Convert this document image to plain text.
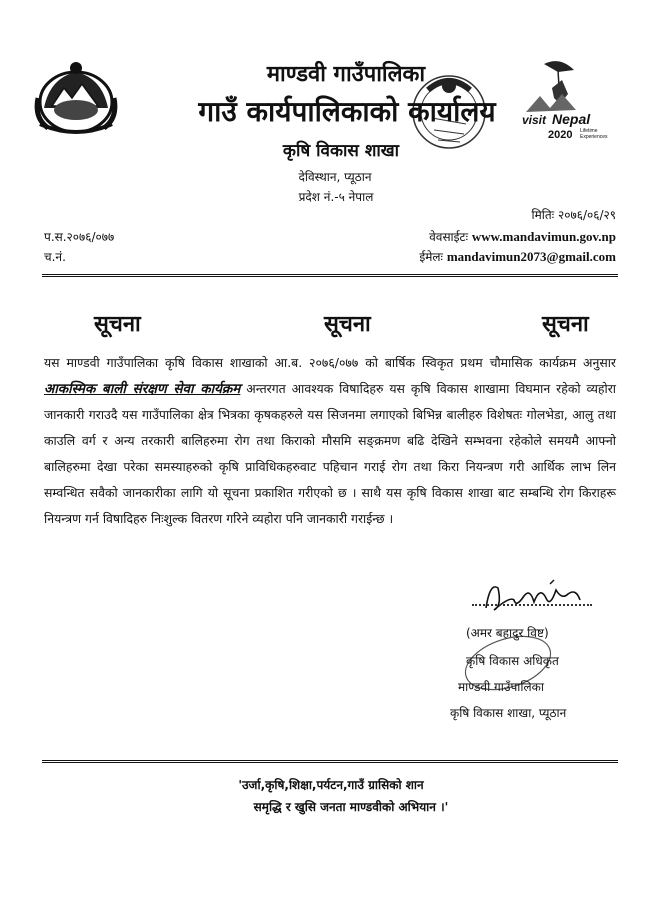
visit Nepal
2020 Lifetime
Experiences
माण्डवी गाउँपालिका
गाउँ कार्यपालिकाको कार्यालय
कृषि विकास शाखा
देविस्थान, प्यूठान
प्रदेश नं.-५ नेपाल
मितिः २०७६/०६/२९
वेवसाईटः www.mandavimun.gov.np
ईमेलः mandavimun2073@gmail.com
प.स.२०७६/०७७
च.नं.
सूचना	सूचना	सूचना
यस माण्डवी गाउँपालिका कृषि विकास शाखाको आ.ब. २०७६/०७७ को बार्षिक स्विकृत प्रथम चौमासिक कार्यक्रम अनुसार आकस्मिक बाली संरक्षण सेवा कार्यक्रम अन्तरगत आवश्यक विषादिहरु यस कृषि विकास शाखामा विघमान रहेको व्यहोरा जानकारी गराउदै यस गाउँपालिका क्षेत्र भित्रका कृषकहरुले यस सिजनमा लगाएको बिभिन्न बालीहरु विशेषतः गोलभेडा, आलु तथा काउलि वर्ग र अन्य तरकारी बालिहरुमा रोग तथा किराको मौसमि सङ्क्रमण बढि देखिने सम्भवना रहेकोले समयमै आफ्नो बालिहरुमा देखा परेका समस्याहरुको कृषि प्राविधिकहरुवाट पहिचान गराई रोग तथा किरा नियन्त्रण गरी आर्थिक लाभ लिन सम्वन्धित सवैको जानकारीका लागि यो सूचना प्रकाशित गरीएको छ । साथै यस कृषि विकास शाखा बाट सम्बन्धि रोग किराहरू नियन्त्रण गर्न विषादिहरु निःशुल्क वितरण गरिने व्यहोरा पनि जानकारी गराईन्छ ।
(अमर बहादुर विष्ट)
कृषि विकास अधिकृत
माण्डवी गाउँपालिका
कृषि विकास शाखा, प्यूठान
'उर्जा,कृषि,शिक्षा,पर्यटन,गाउँ ग्रासिको शान
समृद्धि र खुसि जनता माण्डवीको अभियान ।'
